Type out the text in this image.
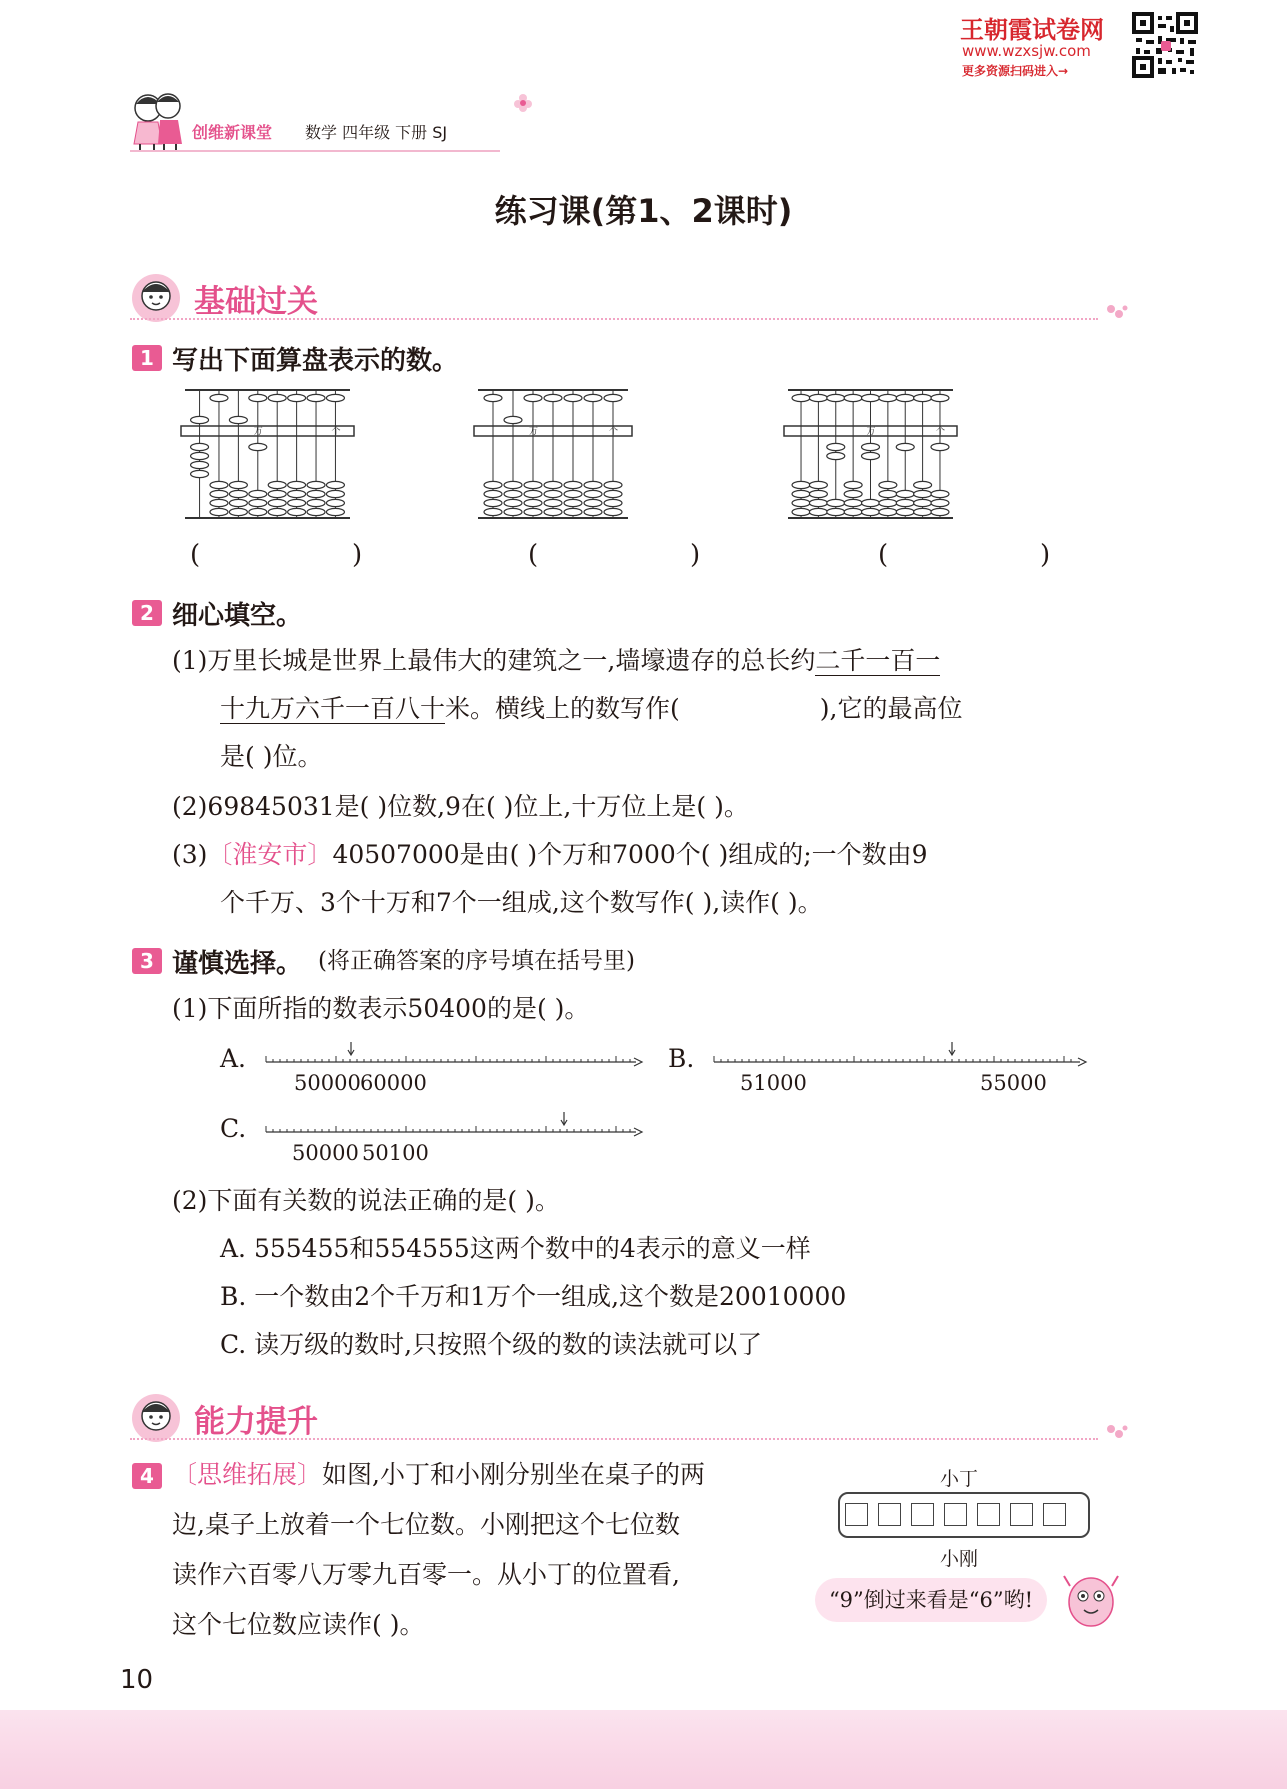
王朝霞试卷网
www.wzxsjw.com
更多资源扫码进入→
创维新课堂 数学 四年级 下册 SJ
练习课(第1、2课时)
基础过关
1 写出下面算盘表示的数。
万	个	万	个	万	个
(	)	(	)	(	)
2 细心填空。
(1)万里长城是世界上最伟大的建筑之一,墙壕遗存的总长约二千一百一
十九万六千一百八十米。横线上的数写作(	),它的最高位
是( )位。
(2)69845031是( )位数,9在( )位上,十万位上是( )。
(3)〔淮安市〕40507000是由( )个万和7000个( )组成的;一个数由9
个千万、3个十万和7个一组成,这个数写作( ),读作( )。
3 谨慎选择。 (将正确答案的序号填在括号里)
(1)下面所指的数表示50400的是( )。
A.
50000 60000
B.
51000	55000
C.
50000 50100
(2)下面有关数的说法正确的是( )。
A. 555455和554555这两个数中的4表示的意义一样
B. 一个数由2个千万和1万个一组成,这个数是20010000
C. 读万级的数时,只按照个级的数的读法就可以了
能力提升
4 〔思维拓展〕如图,小丁和小刚分别坐在桌子的两
边,桌子上放着一个七位数。小刚把这个七位数
读作六百零八万零九百零一。从小丁的位置看,
这个七位数应读作( )。
小丁
小刚
“9”倒过来看是“6”哟!
10
